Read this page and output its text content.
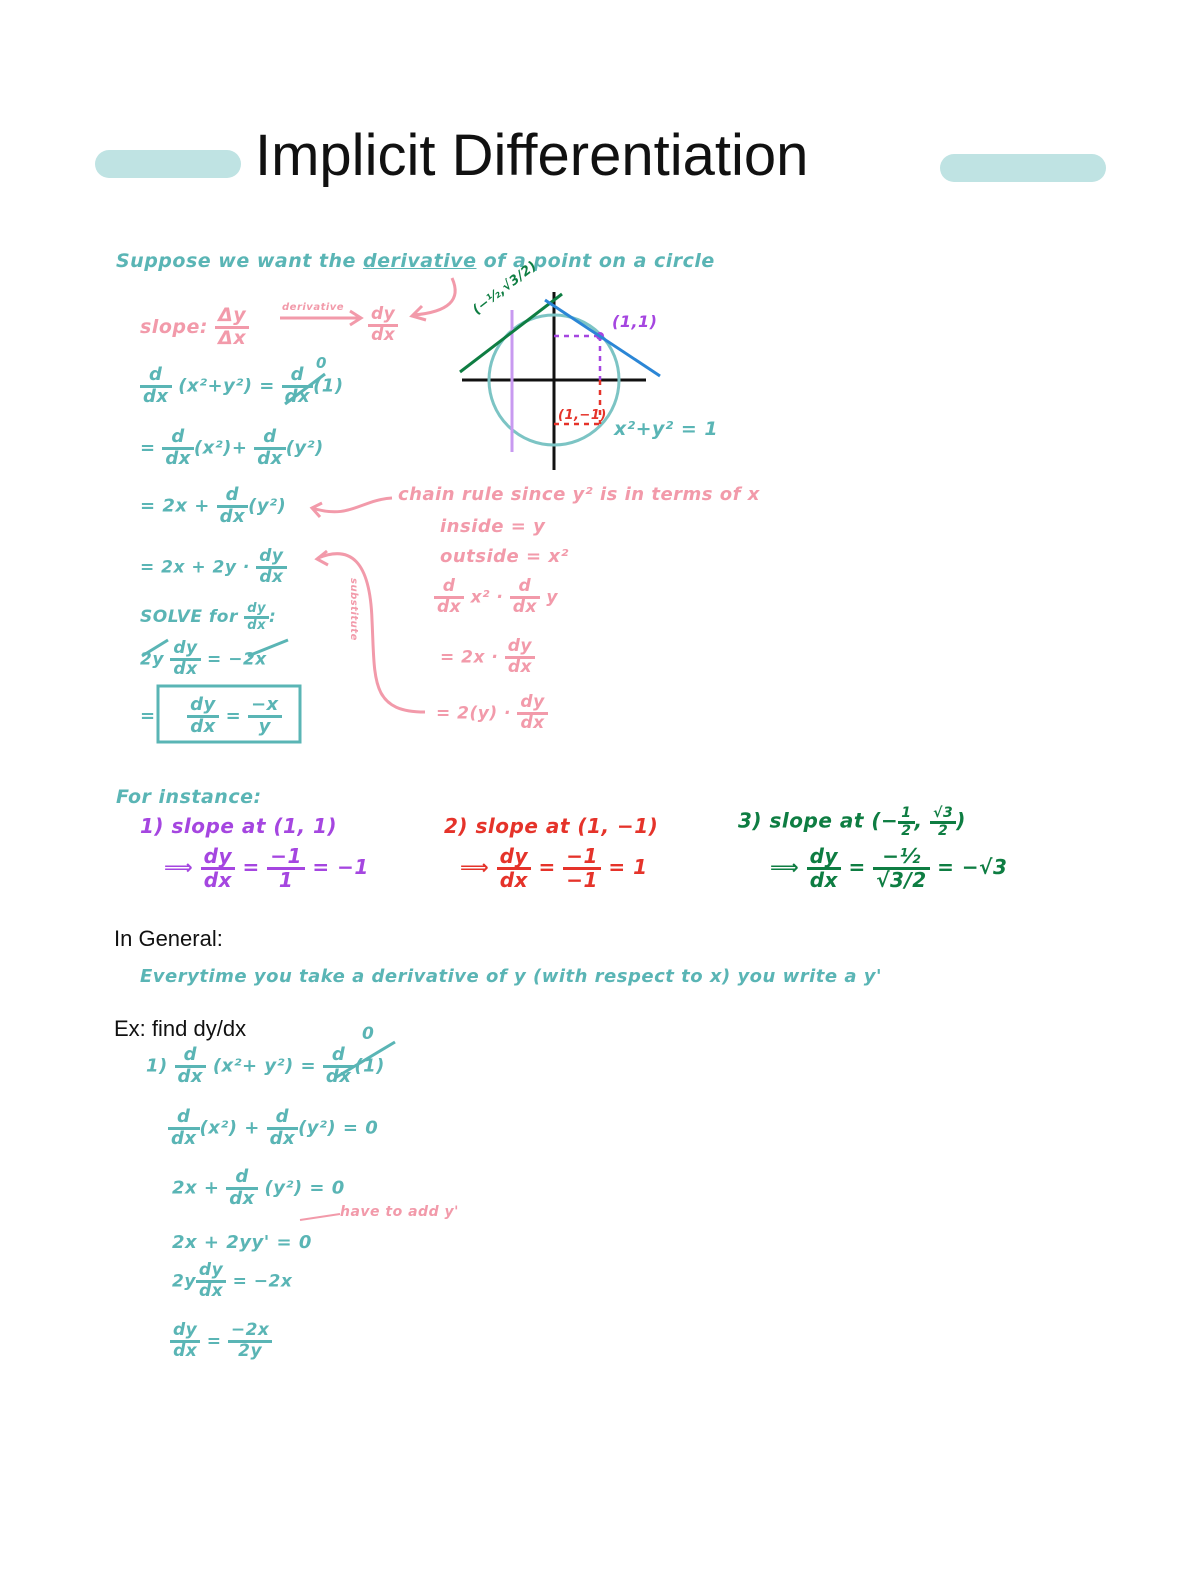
Implicit Differentiation
Suppose we want the derivative of a point on a circle
slope: $\frac{\Delta y}{\Delta x}$	derivative $\frac{dy}{dx}$
$\frac{d}{dx} (x^2+y^2) = \frac{d}{dx} (1)$
0
= $\frac{d}{dx} (x^2)+ \frac{d}{dx} (y^2)$
= $2x + \frac{d}{dx} (y^2)$
= $2x + 2y \cdot \frac{dy}{dx}$
SOLVE for $\frac{dy}{dx}$ :
$2y \frac{dy}{dx} = -2x$
= $\frac{dy}{dx} = \frac{-x}{y}$
chain rule since y² is in terms of x
inside = y
outside = x²
$\frac{d}{dx} x^2 \cdot \frac{d}{dx}$ y
= $2x \cdot \frac{dy}{dx}$
= $2(y) \cdot \frac{dy}{dx}$
substitute
(−½,√3/2)
(1,1)
(1,−1)
x²+y² = 1
For instance:
1) slope at (1, 1)
⟹ $\frac{dy}{dx} = \frac{-1}{1} = -1$
2) slope at (1, −1)
⟹ $\frac{dy}{dx} = \frac{-1}{-1} = 1$
3) slope at (− $\frac{1}{2}$ , $\frac{√3}{2}$ )
⟹ $\frac{dy}{dx} = \frac{\text{−½}}{√3/2} = -√3$
In General:
Everytime you take a derivative of y (with respect to x) you write a y'
Ex: find dy/dx	0
$1) \frac{d}{dx} (x^2+ y^2) = \frac{d}{dx} (1)$
$\frac{d}{dx} (x^2) + \frac{d}{dx} (y^2) = 0$
$2x + \frac{d}{dx} (y^2) = 0$
have to add y'
2x + 2yy' = 0
$2y \frac{dy}{dx} = -2x$
$\frac{dy}{dx} = \frac{-2x}{2y}$
